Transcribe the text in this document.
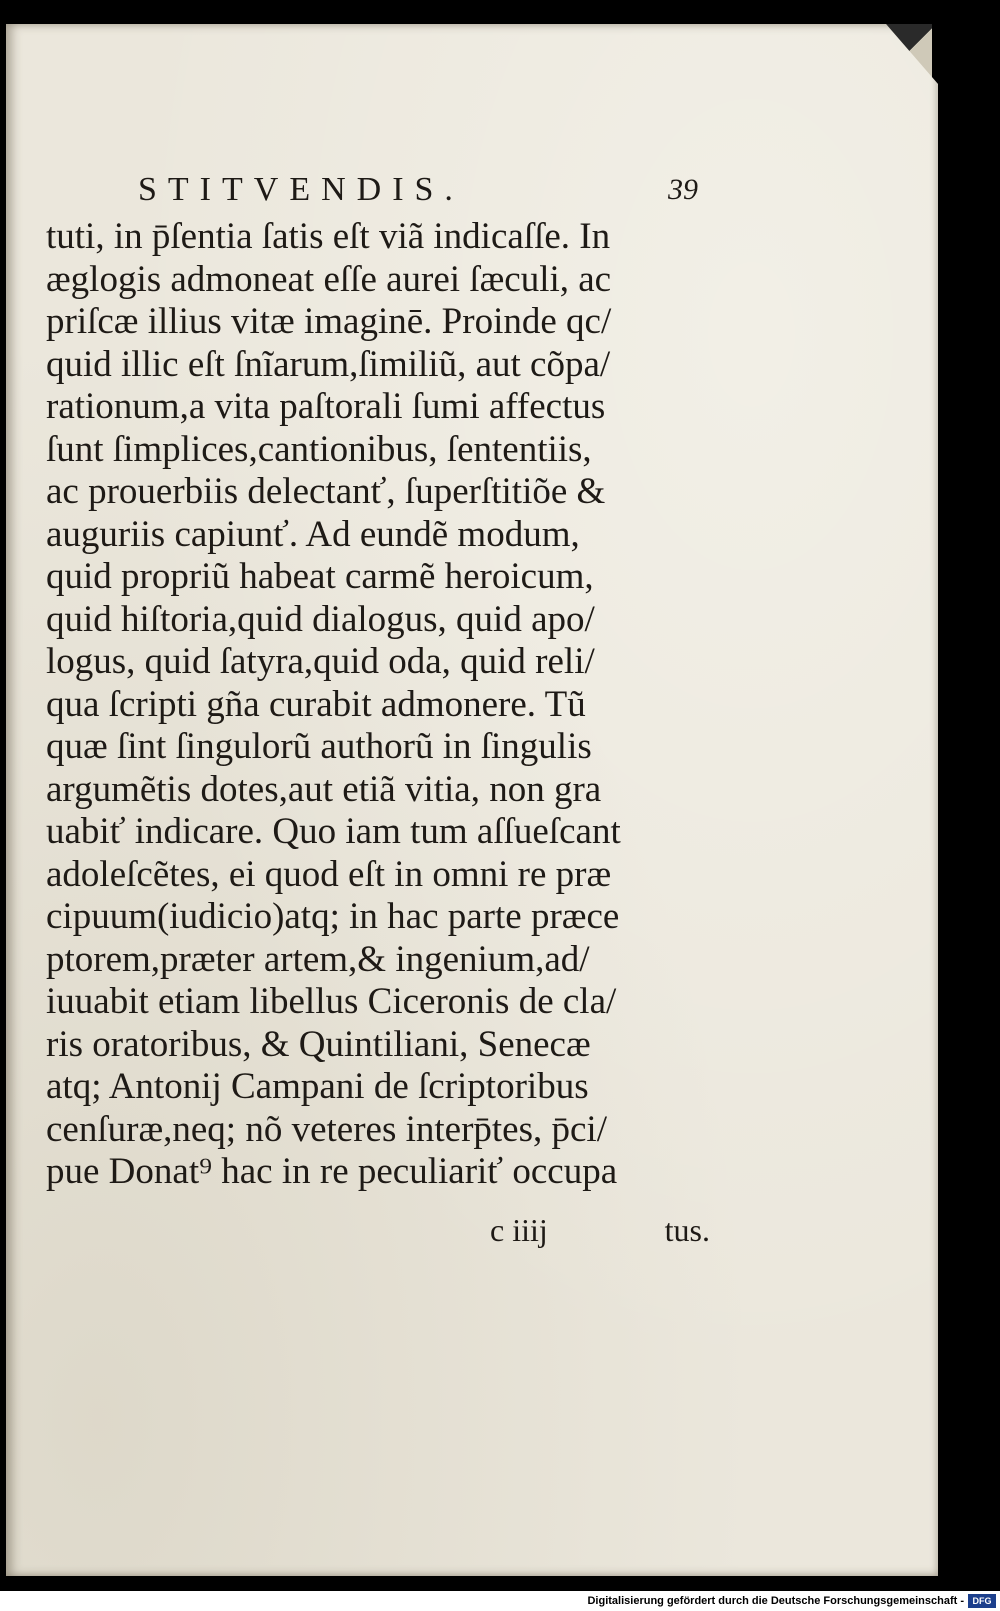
STITVENDIS.	39
tuti, in p̄ſentia ſatis eſt viã indicaſſe. In
æglogis admoneat eſſe aurei ſæculi, ac
priſcæ illius vitæ imaginē. Proinde qc/
quid illic eſt ſnĩarum,ſimiliũ, aut cõpa/
rationum,a vita paſtorali ſumi affectus
ſunt ſimplices,cantionibus, ſententiis,
ac prouerbiis delectanť, ſuperſtitiõe &
auguriis capiunť. Ad eundẽ modum,
quid propriũ habeat carmẽ heroicum,
quid hiſtoria,quid dialogus, quid apo/
logus, quid ſatyra,quid oda, quid reli/
qua ſcripti gña curabit admonere. Tũ
quæ ſint ſingulorũ authorũ in ſingulis
argumẽtis dotes,aut etiã vitia, non gra
uabiť indicare. Quo iam tum aſſueſcant
adoleſcẽtes, ei quod eſt in omni re præ
cipuum(iudicio)atq; in hac parte præce
ptorem,præter artem,& ingenium,ad/
iuuabit etiam libellus Ciceronis de cla/
ris oratoribus, & Quintiliani, Senecæ
atq; Antonij Campani de ſcriptoribus
cenſuræ,neq; nõ veteres interp̄tes, p̄ci/
pue Donat⁹ hac in re peculiariť occupa
c iiij	tus.
Digitalisierung gefördert durch die Deutsche Forschungsgemeinschaft - DFG
